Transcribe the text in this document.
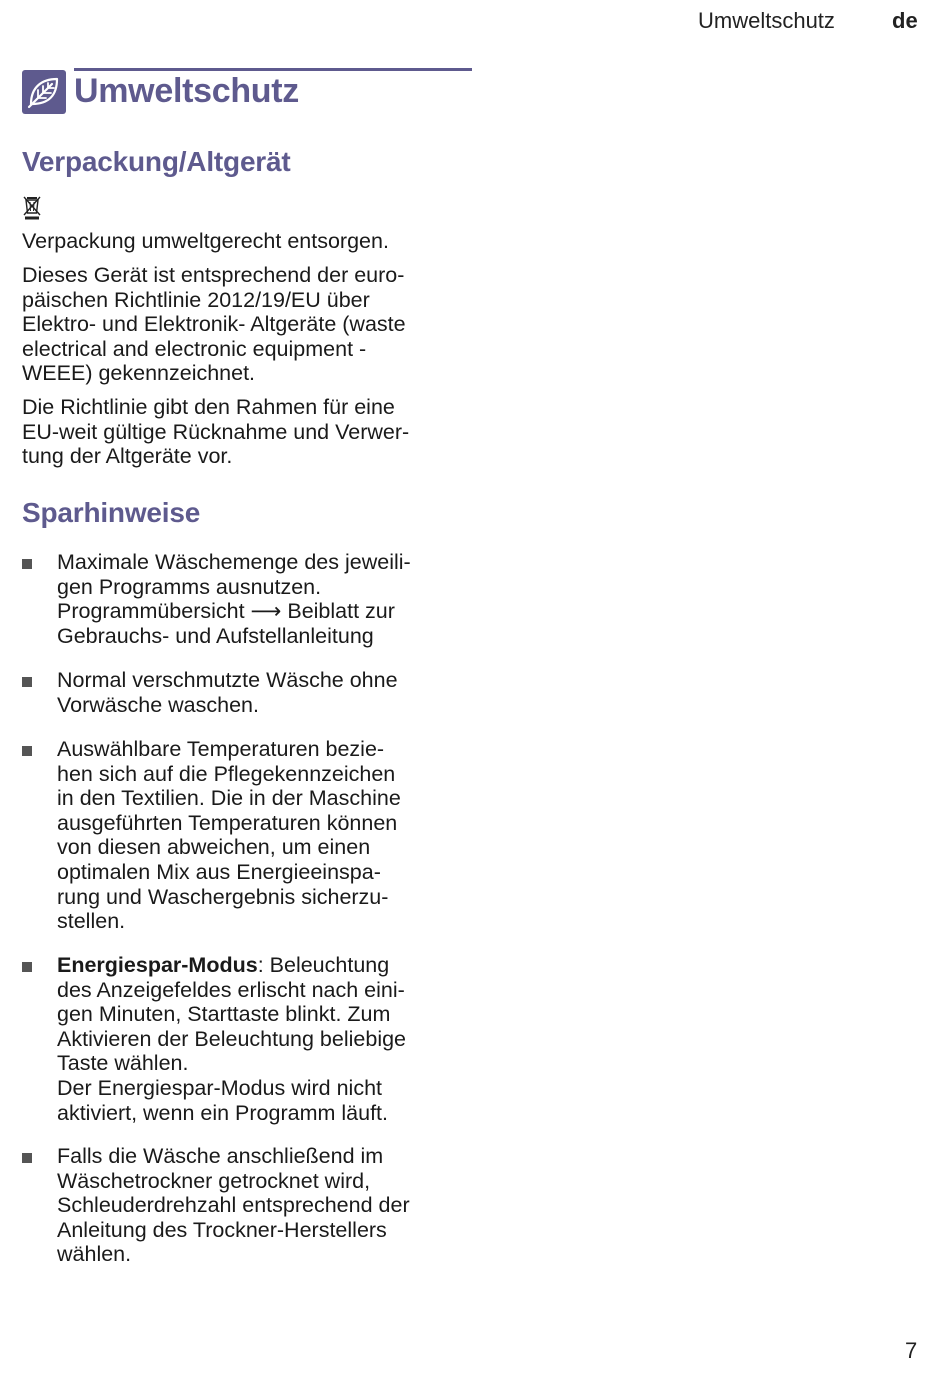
Umweltschutz	de
Umweltschutz
Verpackung/Altgerät

Verpackung umweltgerecht entsorgen.

Dieses Gerät ist entsprechend der euro-
päischen Richtlinie 2012/19/EU über
Elektro- und Elektronik- Altgeräte (waste
electrical and electronic equipment -
WEEE) gekennzeichnet.

Die Richtlinie gibt den Rahmen für eine
EU-weit gültige Rücknahme und Verwer-
tung der Altgeräte vor.

Sparhinweise
Maximale Wäschemenge des jeweili-
gen Programms ausnutzen.
Programmübersicht ⟶ Beiblatt zur
Gebrauchs- und Aufstellanleitung
Normal verschmutzte Wäsche ohne
Vorwäsche waschen.
Auswählbare Temperaturen bezie-
hen sich auf die Pflegekennzeichen
in den Textilien. Die in der Maschine
ausgeführten Temperaturen können
von diesen abweichen, um einen
optimalen Mix aus Energieeinspa-
rung und Waschergebnis sicherzu-
stellen.
Energiespar-Modus: Beleuchtung
des Anzeigefeldes erlischt nach eini-
gen Minuten, Starttaste blinkt. Zum
Aktivieren der Beleuchtung beliebige
Taste wählen.
Der Energiespar-Modus wird nicht
aktiviert, wenn ein Programm läuft.
Falls die Wäsche anschließend im
Wäschetrockner getrocknet wird,
Schleuderdrehzahl entsprechend der
Anleitung des Trockner-Herstellers
wählen.
7
